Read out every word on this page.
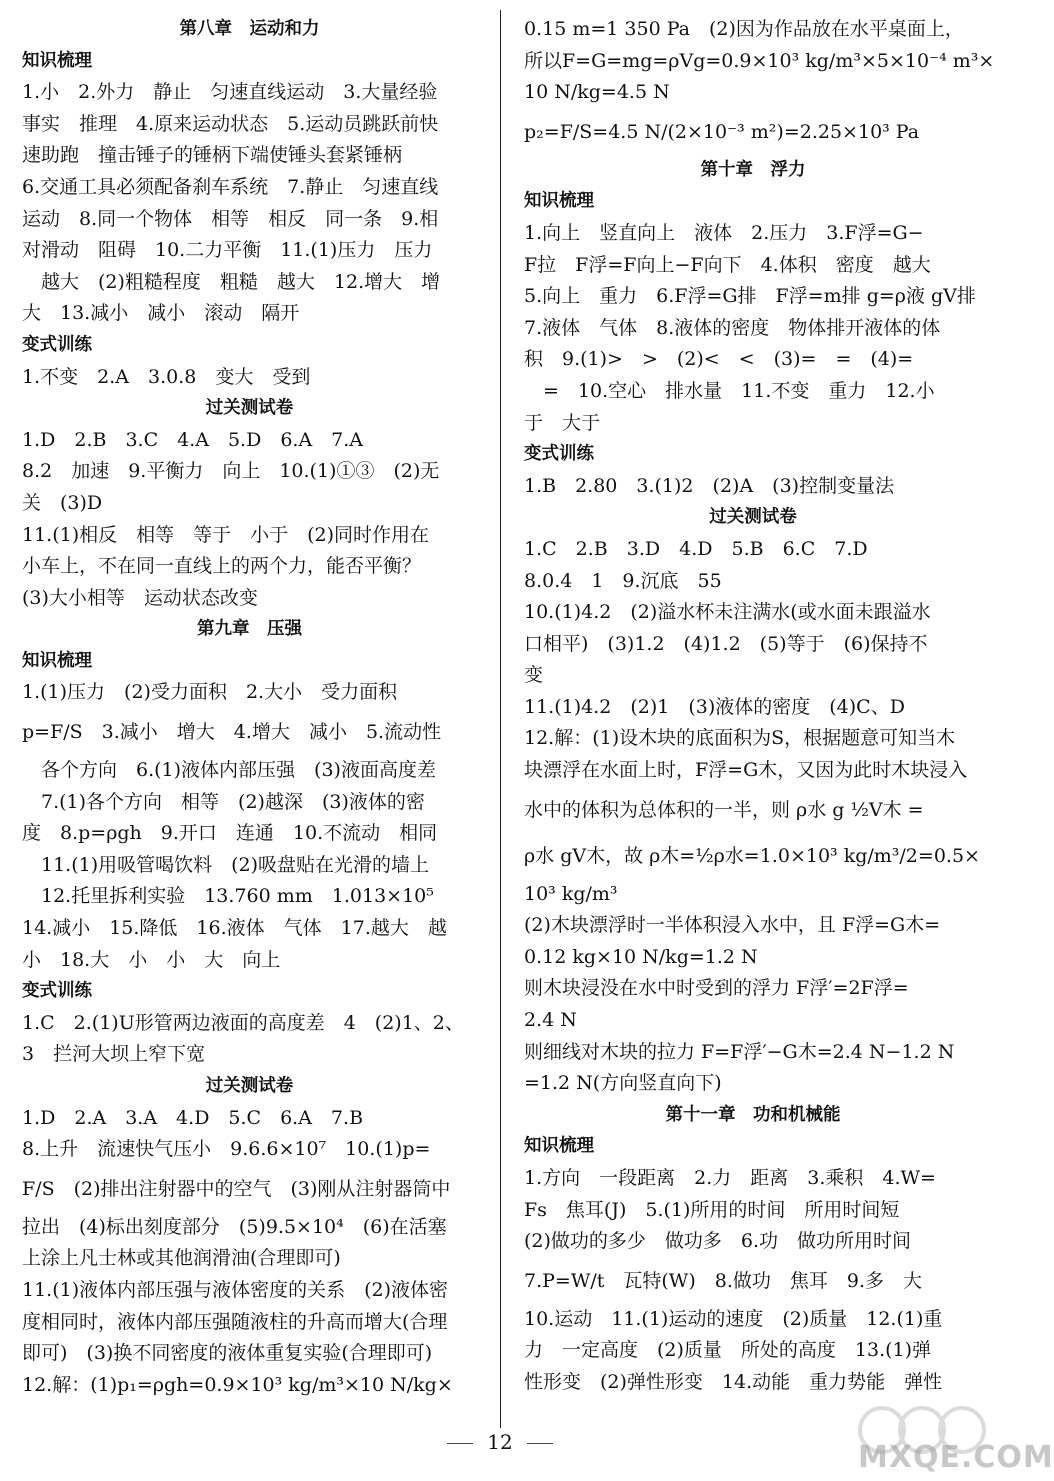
第八章　运动和力
知识梳理
1.小　2.外力　静止　匀速直线运动　3.大量经验
事实　推理　4.原来运动状态　5.运动员跳跃前快
速助跑　撞击锤子的锤柄下端使锤头套紧锤柄
6.交通工具必须配备刹车系统　7.静止　匀速直线
运动　8.同一个物体　相等　相反　同一条　9.相
对滑动　阻碍　10.二力平衡　11.(1)压力　压力
　越大　(2)粗糙程度　粗糙　越大　12.增大　增
大　13.减小　减小　滚动　隔开
变式训练
1.不变　2.A　3.0.8　变大　受到
过关测试卷
1.D　2.B　3.C　4.A　5.D　6.A　7.A
8.2　加速　9.平衡力　向上　10.(1)①③　(2)无
关　(3)D
11.(1)相反　相等　等于　小于　(2)同时作用在
小车上，不在同一直线上的两个力，能否平衡？
(3)大小相等　运动状态改变
第九章　压强
知识梳理
1.(1)压力　(2)受力面积　2.大小　受力面积
p=F/S　3.减小　增大　4.增大　减小　5.流动性
　各个方向　6.(1)液体内部压强　(3)液面高度差
　7.(1)各个方向　相等　(2)越深　(3)液体的密
度　8.p=ρgh　9.开口　连通　10.不流动　相同
　11.(1)用吸管喝饮料　(2)吸盘贴在光滑的墙上
　12.托里拆利实验　13.760 mm　1.013×10⁵
14.减小　15.降低　16.液体　气体　17.越大　越
小　18.大　小　小　大　向上
变式训练
1.C　2.(1)U形管两边液面的高度差　4　(2)1、2、
3　拦河大坝上窄下宽
过关测试卷
1.D　2.A　3.A　4.D　5.C　6.A　7.B
8.上升　流速快气压小　9.6.6×10⁷　10.(1)p=
F/S　(2)排出注射器中的空气　(3)刚从注射器筒中
拉出　(4)标出刻度部分　(5)9.5×10⁴　(6)在活塞
上涂上凡士林或其他润滑油(合理即可)
11.(1)液体内部压强与液体密度的关系　(2)液体密
度相同时，液体内部压强随液柱的升高而增大(合理
即可)　(3)换不同密度的液体重复实验(合理即可)
12.解：(1)p₁=ρgh=0.9×10³ kg/m³×10 N/kg×
0.15 m=1 350 Pa　(2)因为作品放在水平桌面上，
所以F=G=mg=ρVg=0.9×10³ kg/m³×5×10⁻⁴ m³×
10 N/kg=4.5 N
p₂=F/S=4.5 N/(2×10⁻³ m²)=2.25×10³ Pa
第十章　浮力
知识梳理
1.向上　竖直向上　液体　2.压力　3.F浮=G−
F拉　F浮=F向上−F向下　4.体积　密度　越大
5.向上　重力　6.F浮=G排　F浮=m排 g=ρ液 gV排
7.液体　气体　8.液体的密度　物体排开液体的体
积　9.(1)>　>　(2)<　<　(3)=　=　(4)=
　=　10.空心　排水量　11.不变　重力　12.小
于　大于
变式训练
1.B　2.80　3.(1)2　(2)A　(3)控制变量法
过关测试卷
1.C　2.B　3.D　4.D　5.B　6.C　7.D
8.0.4　1　9.沉底　55
10.(1)4.2　(2)溢水杯未注满水(或水面未跟溢水
口相平)　(3)1.2　(4)1.2　(5)等于　(6)保持不
变
11.(1)4.2　(2)1　(3)液体的密度　(4)C、D
12.解：(1)设木块的底面积为S，根据题意可知当木
块漂浮在水面上时，F浮=G木，又因为此时木块浸入
水中的体积为总体积的一半，则 ρ水 g ½V木 =
ρ水 gV木，故 ρ木=½ρ水=1.0×10³ kg/m³/2=0.5×
10³ kg/m³
(2)木块漂浮时一半体积浸入水中，且 F浮=G木=
0.12 kg×10 N/kg=1.2 N
则木块浸没在水中时受到的浮力 F浮′=2F浮=
2.4 N
则细线对木块的拉力 F=F浮′−G木=2.4 N−1.2 N
=1.2 N(方向竖直向下)
第十一章　功和机械能
知识梳理
1.方向　一段距离　2.力　距离　3.乘积　4.W=
Fs　焦耳(J)　5.(1)所用的时间　所用时间短
(2)做功的多少　做功多　6.功　做功所用时间
7.P=W/t　瓦特(W)　8.做功　焦耳　9.多　大
10.运动　11.(1)运动的速度　(2)质量　12.(1)重
力　一定高度　(2)质量　所处的高度　13.(1)弹
性形变　(2)弹性形变　14.动能　重力势能　弹性
12	MXQE.COM
